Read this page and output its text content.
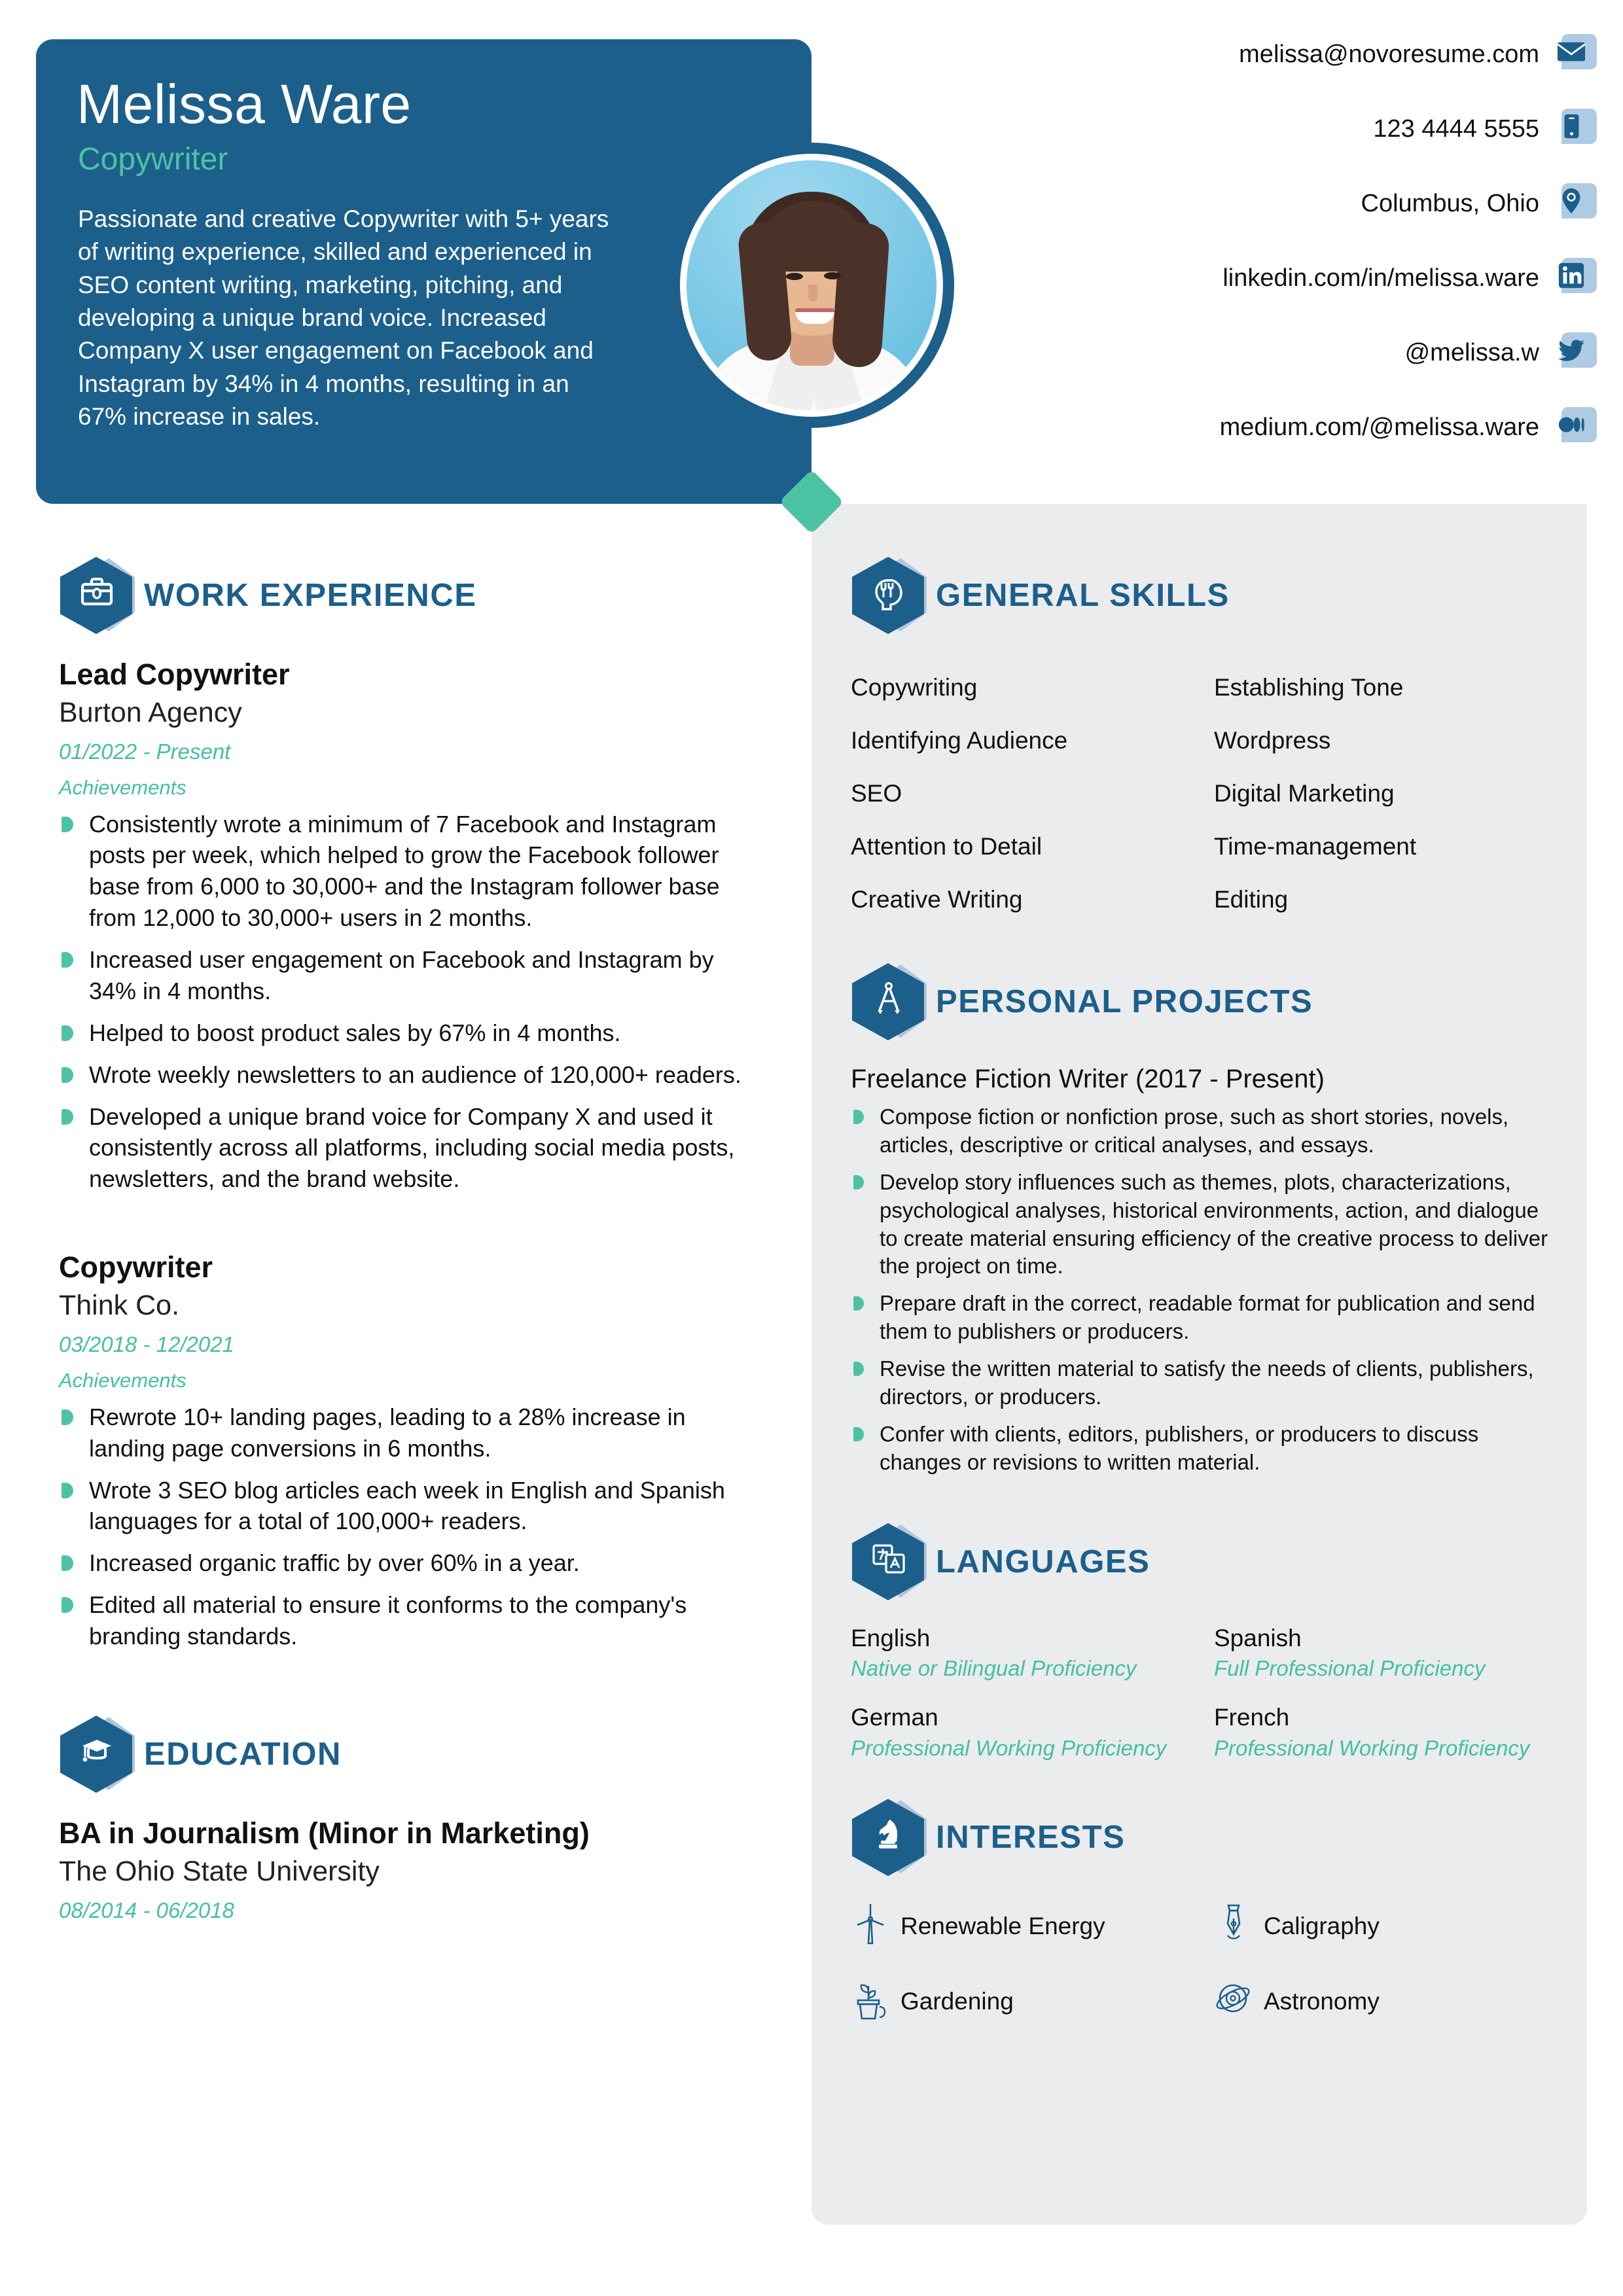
Melissa Ware
Copywriter
Passionate and creative Copywriter with 5+ years of writing experience, skilled and experienced in SEO content writing, marketing, pitching, and developing a unique brand voice. Increased Company X user engagement on Facebook and Instagram by 34% in 4 months, resulting in an 67% increase in sales.
melissa@novoresume.com
123 4444 5555
Columbus, Ohio
linkedin.com/in/melissa.ware
@melissa.w
medium.com/@melissa.ware
WORK EXPERIENCE
Lead Copywriter
Burton Agency
01/2022 - Present
Achievements
Consistently wrote a minimum of 7 Facebook and Instagram posts per week, which helped to grow the Facebook follower base from 6,000 to 30,000+ and the Instagram follower base from 12,000 to 30,000+ users in 2 months.
Increased user engagement on Facebook and Instagram by 34% in 4 months.
Helped to boost product sales by 67% in 4 months.
Wrote weekly newsletters to an audience of 120,000+ readers.
Developed a unique brand voice for Company X and used it consistently across all platforms, including social media posts, newsletters, and the brand website.
Copywriter
Think Co.
03/2018 - 12/2021
Achievements
Rewrote 10+ landing pages, leading to a 28% increase in landing page conversions in 6 months.
Wrote 3 SEO blog articles each week in English and Spanish languages for a total of 100,000+ readers.
Increased organic traffic by over 60% in a year.
Edited all material to ensure it conforms to the company's branding standards.
EDUCATION
BA in Journalism (Minor in Marketing)
The Ohio State University
08/2014 - 06/2018
GENERAL SKILLS
Copywriting	Establishing Tone
Identifying Audience	Wordpress
SEO	Digital Marketing
Attention to Detail	Time-management
Creative Writing	Editing
PERSONAL PROJECTS
Freelance Fiction Writer (2017 - Present)
Compose fiction or nonfiction prose, such as short stories, novels, articles, descriptive or critical analyses, and essays.
Develop story influences such as themes, plots, characterizations, psychological analyses, historical environments, action, and dialogue to create material ensuring efficiency of the creative process to deliver the project on time.
Prepare draft in the correct, readable format for publication and send them to publishers or producers.
Revise the written material to satisfy the needs of clients, publishers, directors, or producers.
Confer with clients, editors, publishers, or producers to discuss changes or revisions to written material.
LANGUAGES
English
Native or Bilingual Proficiency
Spanish
Full Professional Proficiency
German
Professional Working Proficiency
French
Professional Working Proficiency
INTERESTS
Renewable Energy	Caligraphy
Gardening	Astronomy
